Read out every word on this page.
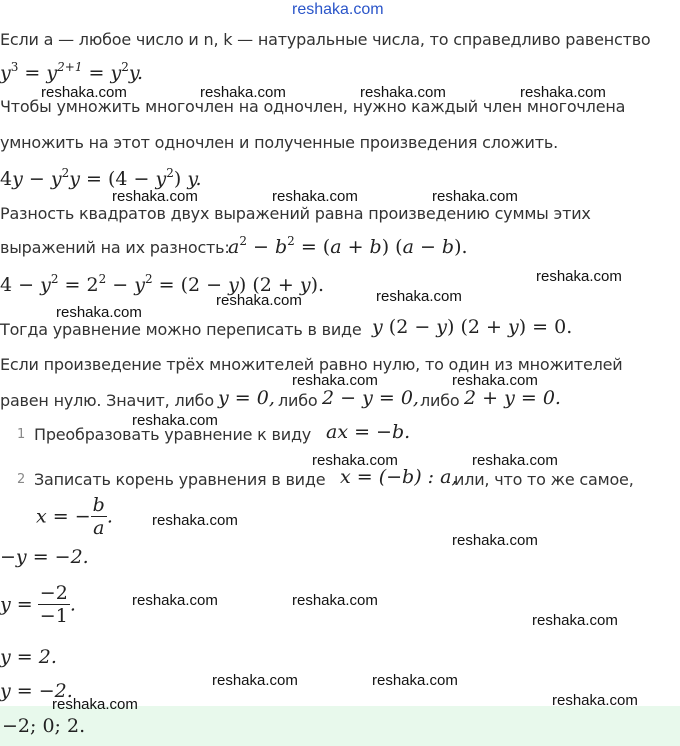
reshaka.com
Если a — любое число и n, k — натуральные числа, то справедливо равенство
$y^3 = y^{2+1} = y^2y$.
Чтобы умножить многочлен на одночлен, нужно каждый член многочлена
умножить на этот одночлен и полученные произведения сложить.
$4y - y^2y = (4 - y^2)$ y.
Разность квадратов двух выражений равна произведению суммы этих
выражений на их разность:
$a^2 - b^2 = (a + b) (a - b)$.
$4 - y^2 = 2^2 - y^2 = (2 - y) (2 + y)$.
Тогда уравнение можно переписать в виде y (2 − y) (2 + y) = 0.
Если произведение трёх множителей равно нулю, то один из множителей
равен нулю. Значит, либо y = 0, либо 2 − y = 0, либо 2 + y = 0.
1 Преобразовать уравнение к виду ax = −b.
2 Записать корень уравнения в виде x = (−b) : a,
или, что то же самое,
x = − $\frac{b}{a}$ .
−y = −2.
$y = \frac{-2}{-1}$ .
y = 2.
y = −2.
−2; 0; 2.
reshaka.com	reshaka.com	reshaka.com	reshaka.com
reshaka.com	reshaka.com	reshaka.com
reshaka.com
reshaka.com
reshaka.com
reshaka.com
reshaka.com	reshaka.com
reshaka.com
reshaka.com	reshaka.com
reshaka.com
reshaka.com
reshaka.com	reshaka.com
reshaka.com
reshaka.com	reshaka.com
reshaka.com	reshaka.com
